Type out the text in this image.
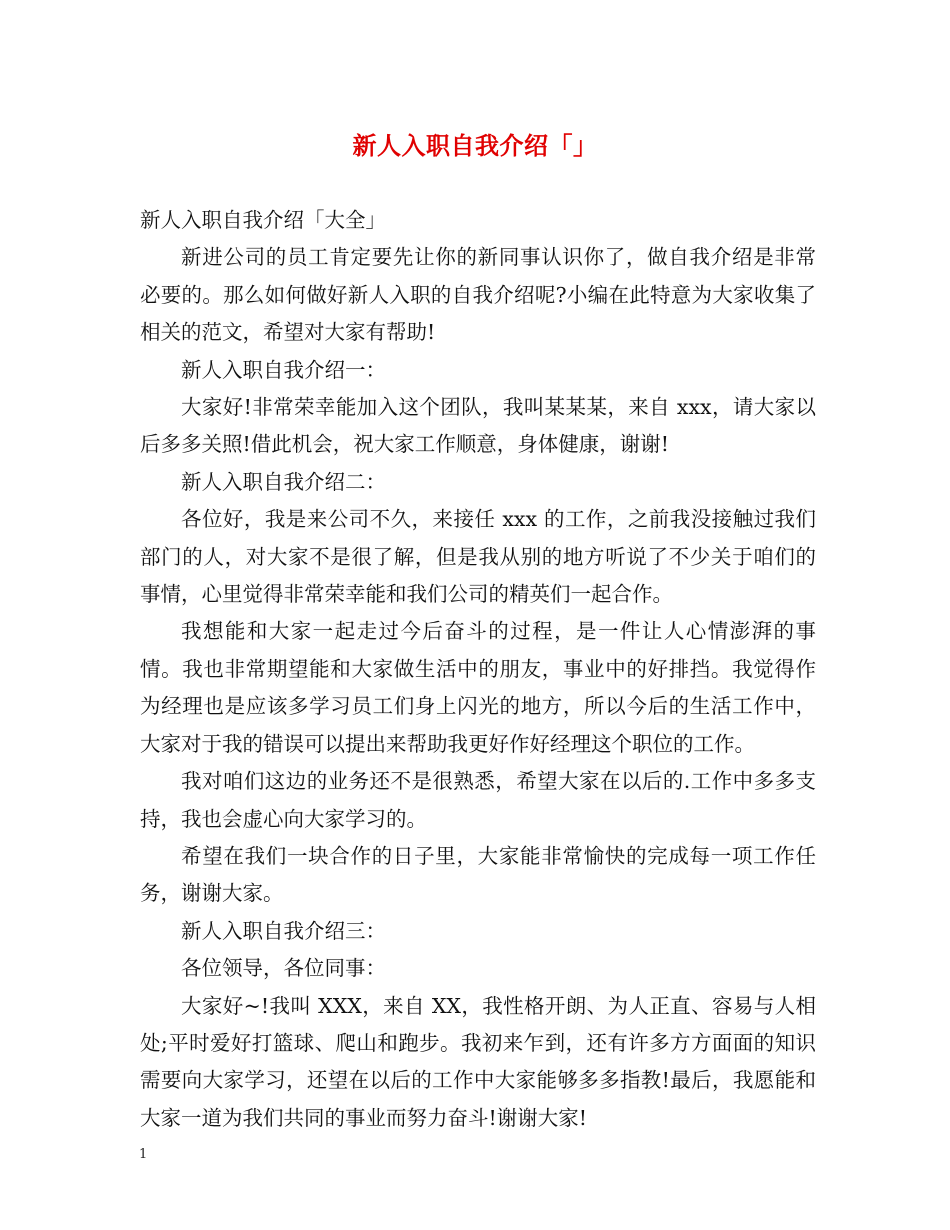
新人入职自我介绍「」

新人入职自我介绍「大全」

新进公司的员工肯定要先让你的新同事认识你了，做自我介绍是非常必要的。那么如何做好新人入职的自我介绍呢?小编在此特意为大家收集了相关的范文，希望对大家有帮助!

新人入职自我介绍一：

大家好!非常荣幸能加入这个团队，我叫某某某，来自 xxx，请大家以后多多关照!借此机会，祝大家工作顺意，身体健康，谢谢!

新人入职自我介绍二：

各位好，我是来公司不久，来接任 xxx 的工作，之前我没接触过我们部门的人，对大家不是很了解，但是我从别的地方听说了不少关于咱们的事情，心里觉得非常荣幸能和我们公司的精英们一起合作。

我想能和大家一起走过今后奋斗的过程，是一件让人心情澎湃的事情。我也非常期望能和大家做生活中的朋友，事业中的好排挡。我觉得作为经理也是应该多学习员工们身上闪光的地方，所以今后的生活工作中，大家对于我的错误可以提出来帮助我更好作好经理这个职位的工作。

我对咱们这边的业务还不是很熟悉，希望大家在以后的.工作中多多支持，我也会虚心向大家学习的。

希望在我们一块合作的日子里，大家能非常愉快的完成每一项工作任务，谢谢大家。

新人入职自我介绍三：

各位领导，各位同事：

大家好~!我叫 XXX，来自 XX，我性格开朗、为人正直、容易与人相处;平时爱好打篮球、爬山和跑步。我初来乍到，还有许多方方面面的知识需要向大家学习，还望在以后的工作中大家能够多多指教!最后，我愿能和大家一道为我们共同的事业而努力奋斗!谢谢大家!

1
